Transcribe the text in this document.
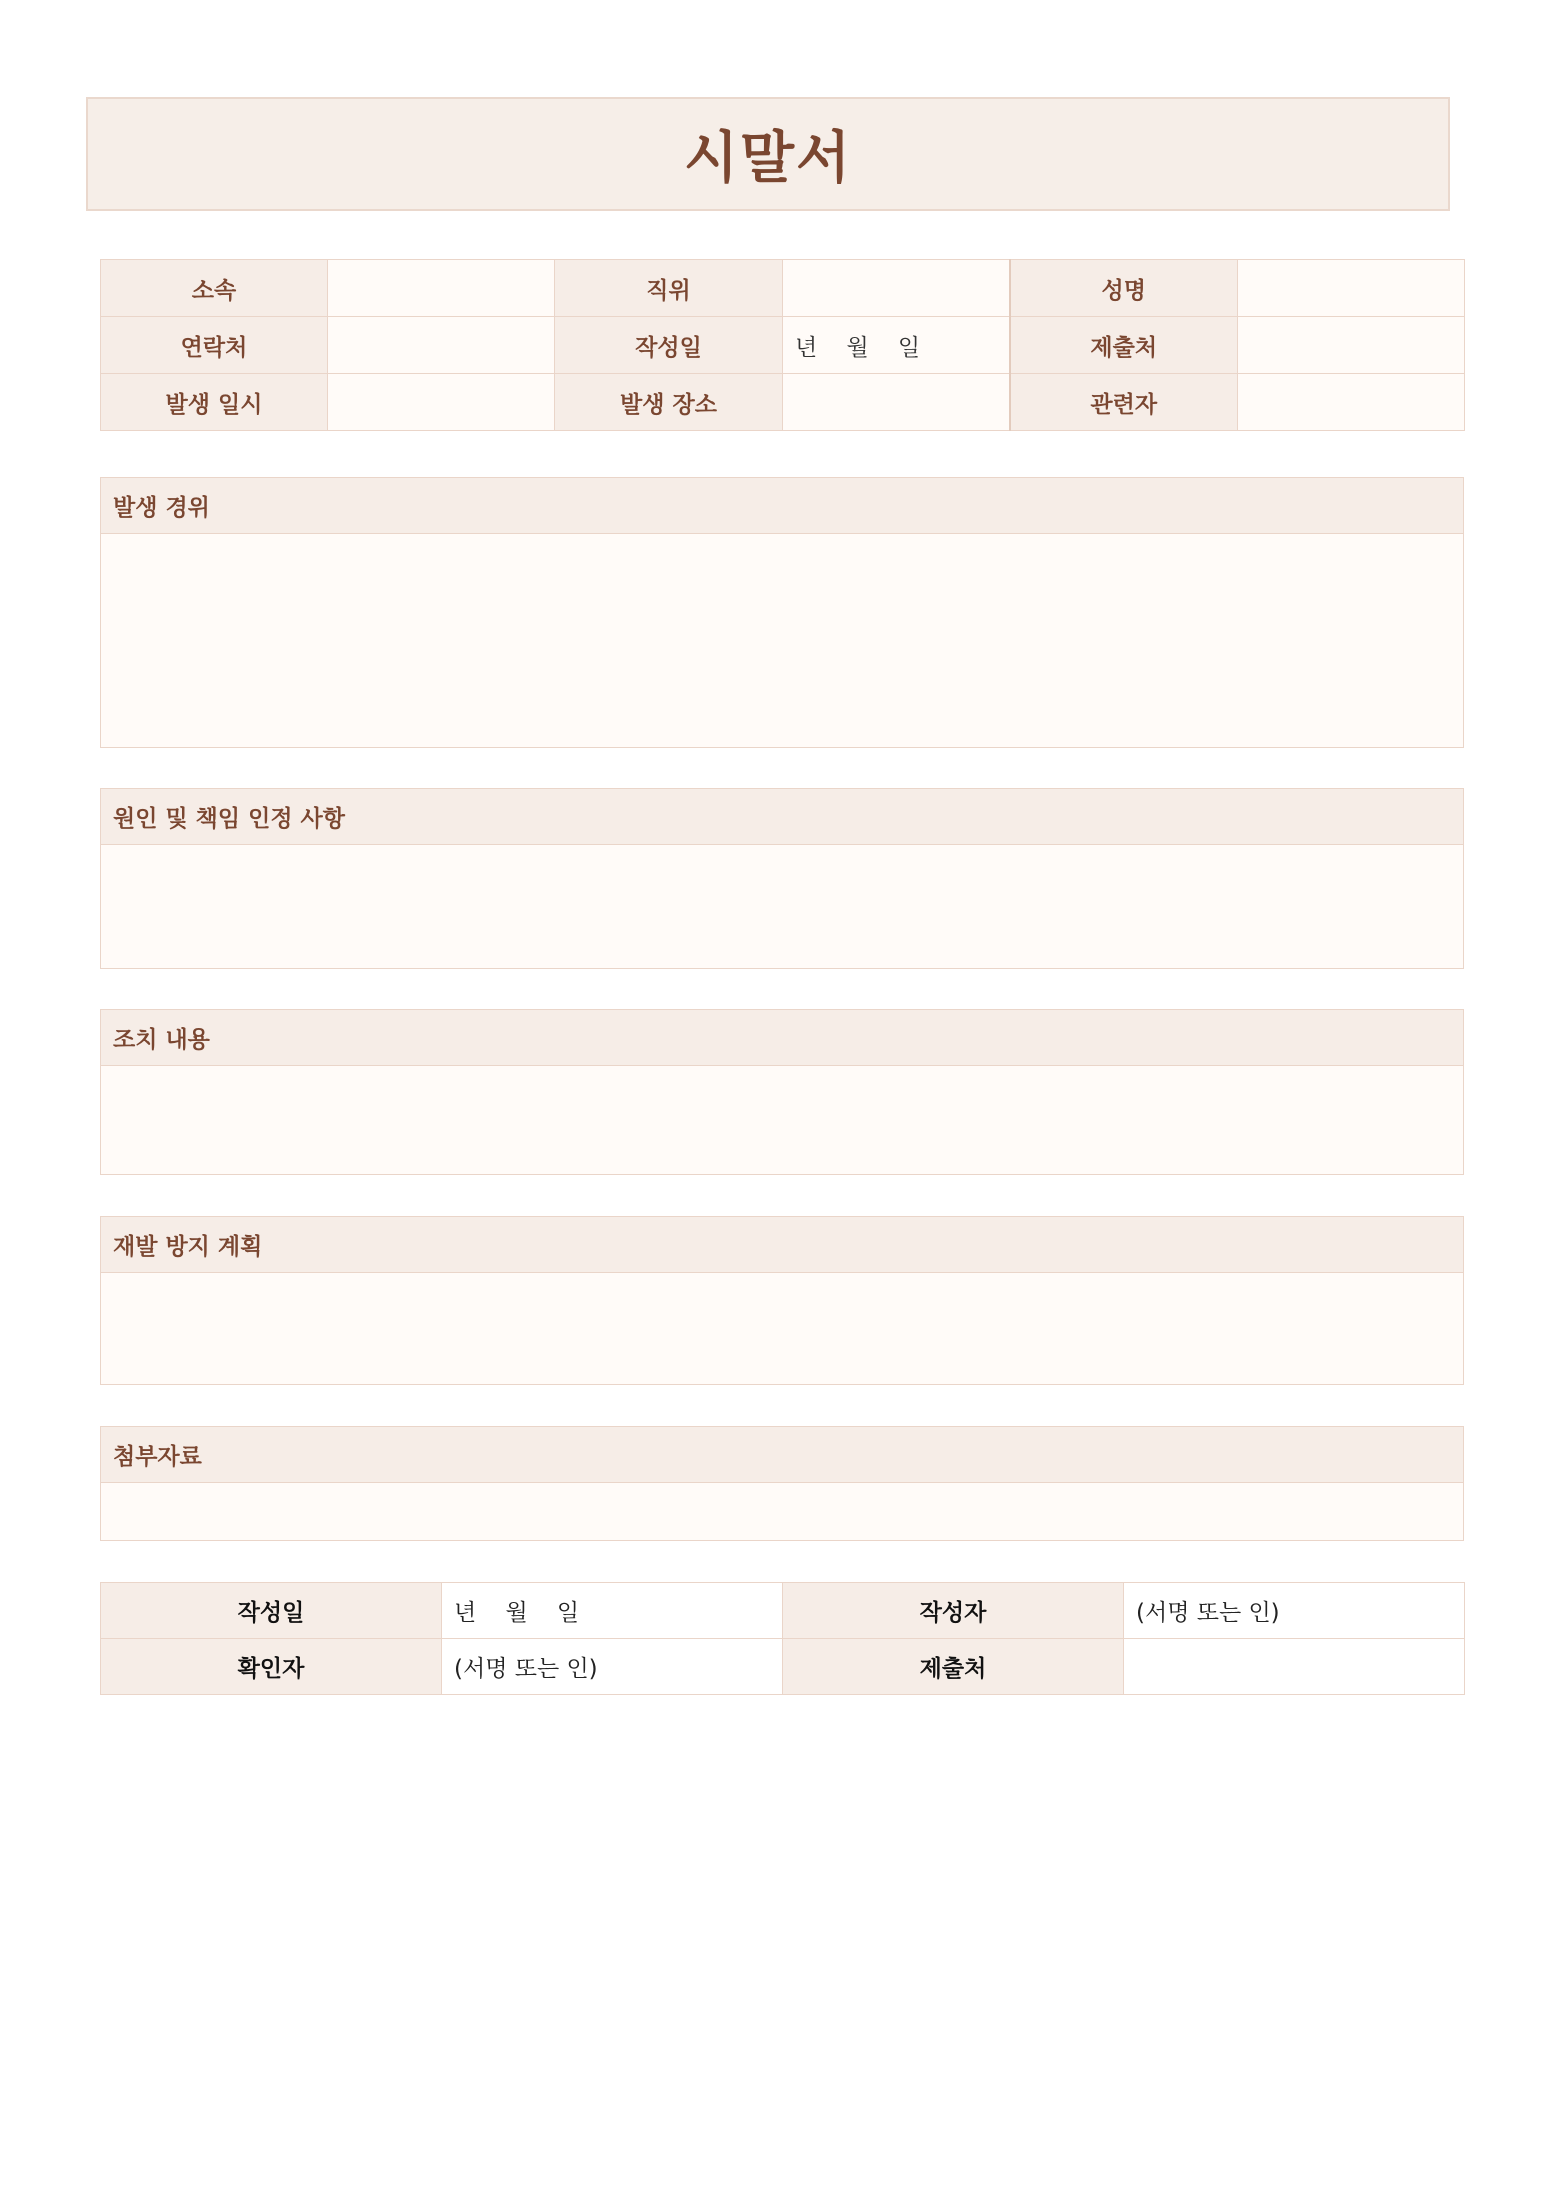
시말서
소속		직위		성명	
연락처		작성일	년    월    일	제출처	
발생 일시		발생 장소		관련자	
발생 경위
원인 및 책임 인정 사항
조치 내용
재발 방지 계획
첨부자료
작성일	년    월    일	작성자	(서명 또는 인)
확인자	(서명 또는 인)	제출처	
